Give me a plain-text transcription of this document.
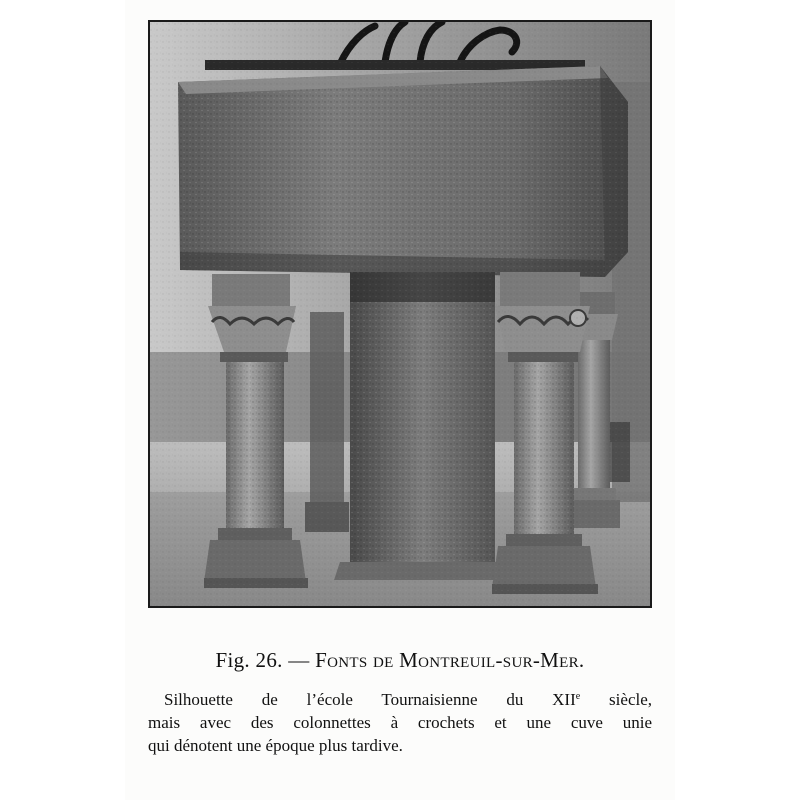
Fig. 26. — Fonts de Montreuil-sur-Mer.
Silhouette de l’école Tournaisienne du XIIe siècle,
mais avec des colonnettes à crochets et une cuve unie
qui dénotent une époque plus tardive.
